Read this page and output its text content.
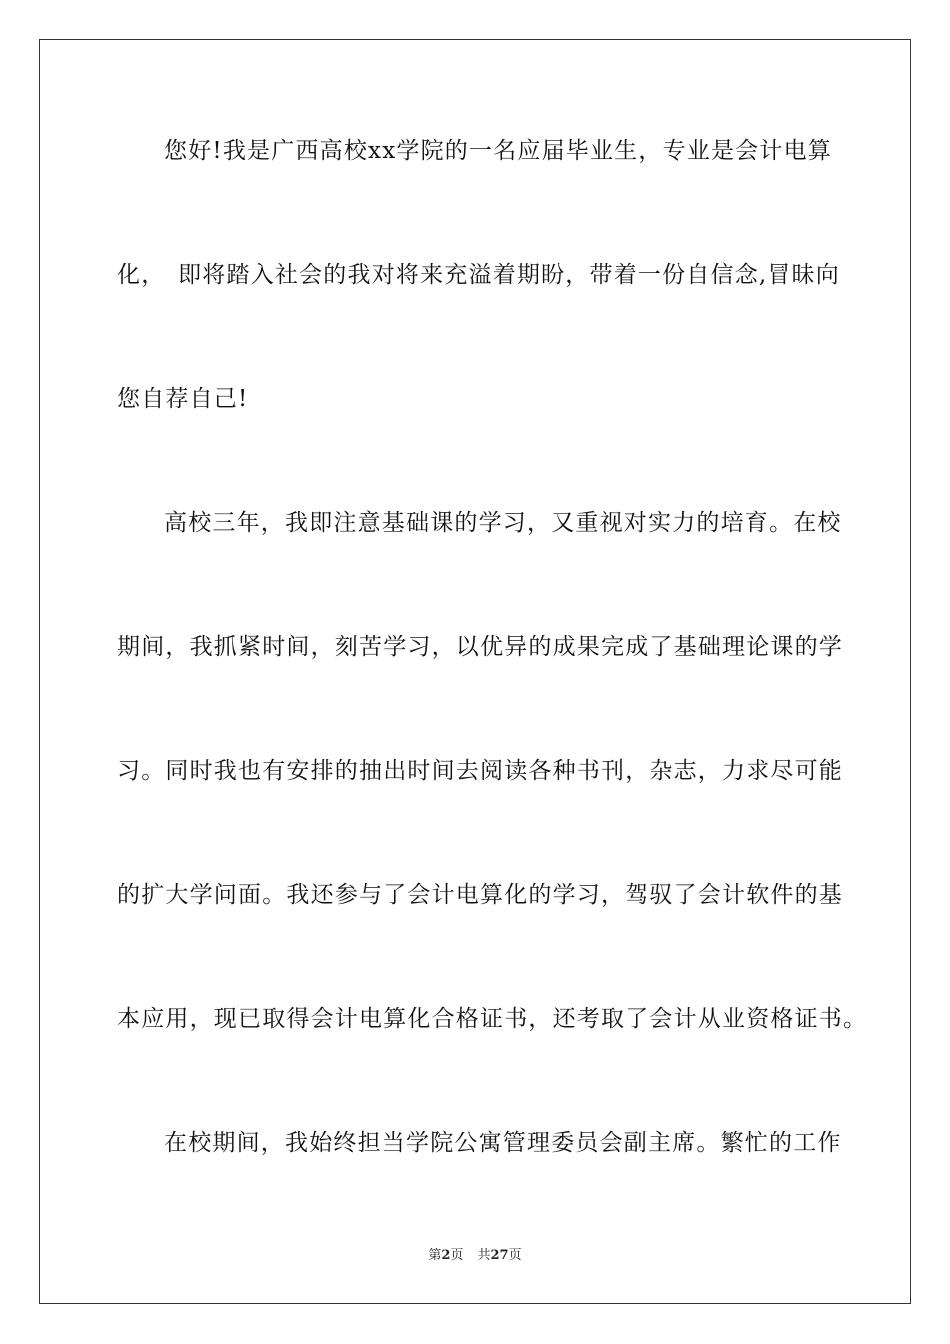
您好!我是广西高校xx学院的一名应届毕业生，专业是会计电算
化，　即将踏入社会的我对将来充溢着期盼，带着一份自信念,冒昧向
您自荐自己!
高校三年，我即注意基础课的学习，又重视对实力的培育。在校
期间，我抓紧时间，刻苦学习，以优异的成果完成了基础理论课的学
习。同时我也有安排的抽出时间去阅读各种书刊，杂志，力求尽可能
的扩大学问面。我还参与了会计电算化的学习，驾驭了会计软件的基
本应用，现已取得会计电算化合格证书，还考取了会计从业资格证书。
在校期间，我始终担当学院公寓管理委员会副主席。繁忙的工作
第2页 共27页
